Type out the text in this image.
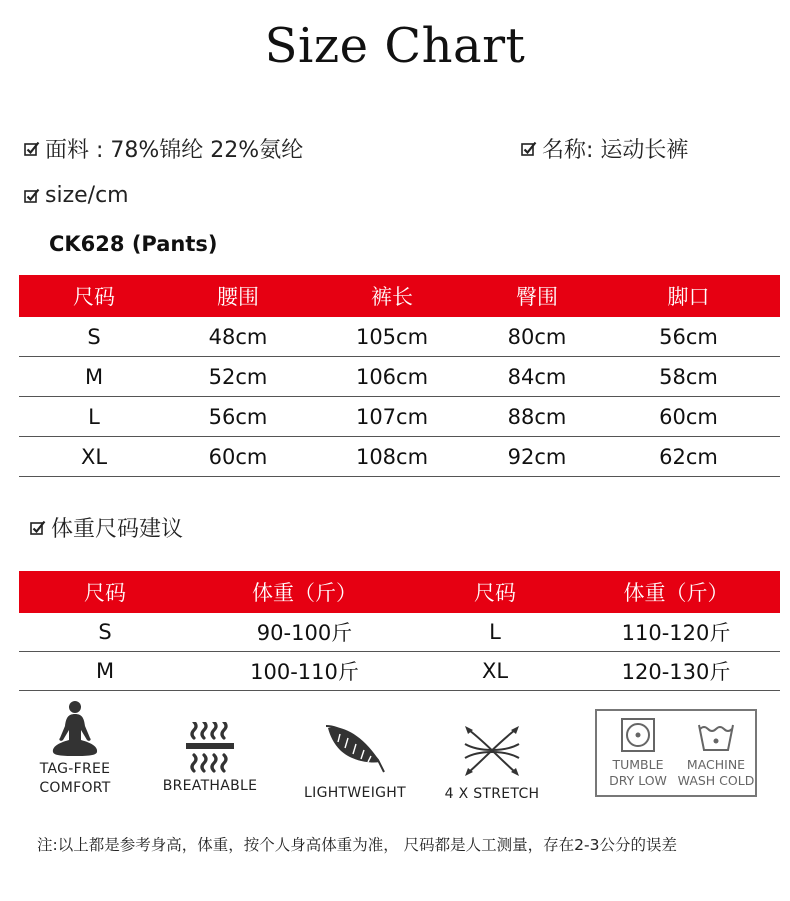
Size Chart
面料 : 78%锦纶 22%氨纶	名称: 运动长裤
size/cm
CK628 (Pants)
尺码	腰围	裤长	臀围	脚口
S	48cm	105cm	80cm	56cm
M	52cm	106cm	84cm	58cm
L	56cm	107cm	88cm	60cm
XL	60cm	108cm	92cm	62cm
体重尺码建议
尺码	体重（斤）	尺码	体重（斤）
S	90-100斤	L	110-120斤
M	100-110斤	XL	120-130斤
TAG-FREE
COMFORT	BREATHABLE	LIGHTWEIGHT	4 X STRETCH
TUMBLE
DRY LOW
MACHINE
WASH COLD
注:以上都是参考身高，体重，按个人身高体重为准， 尺码都是人工测量，存在2-3公分的误差
